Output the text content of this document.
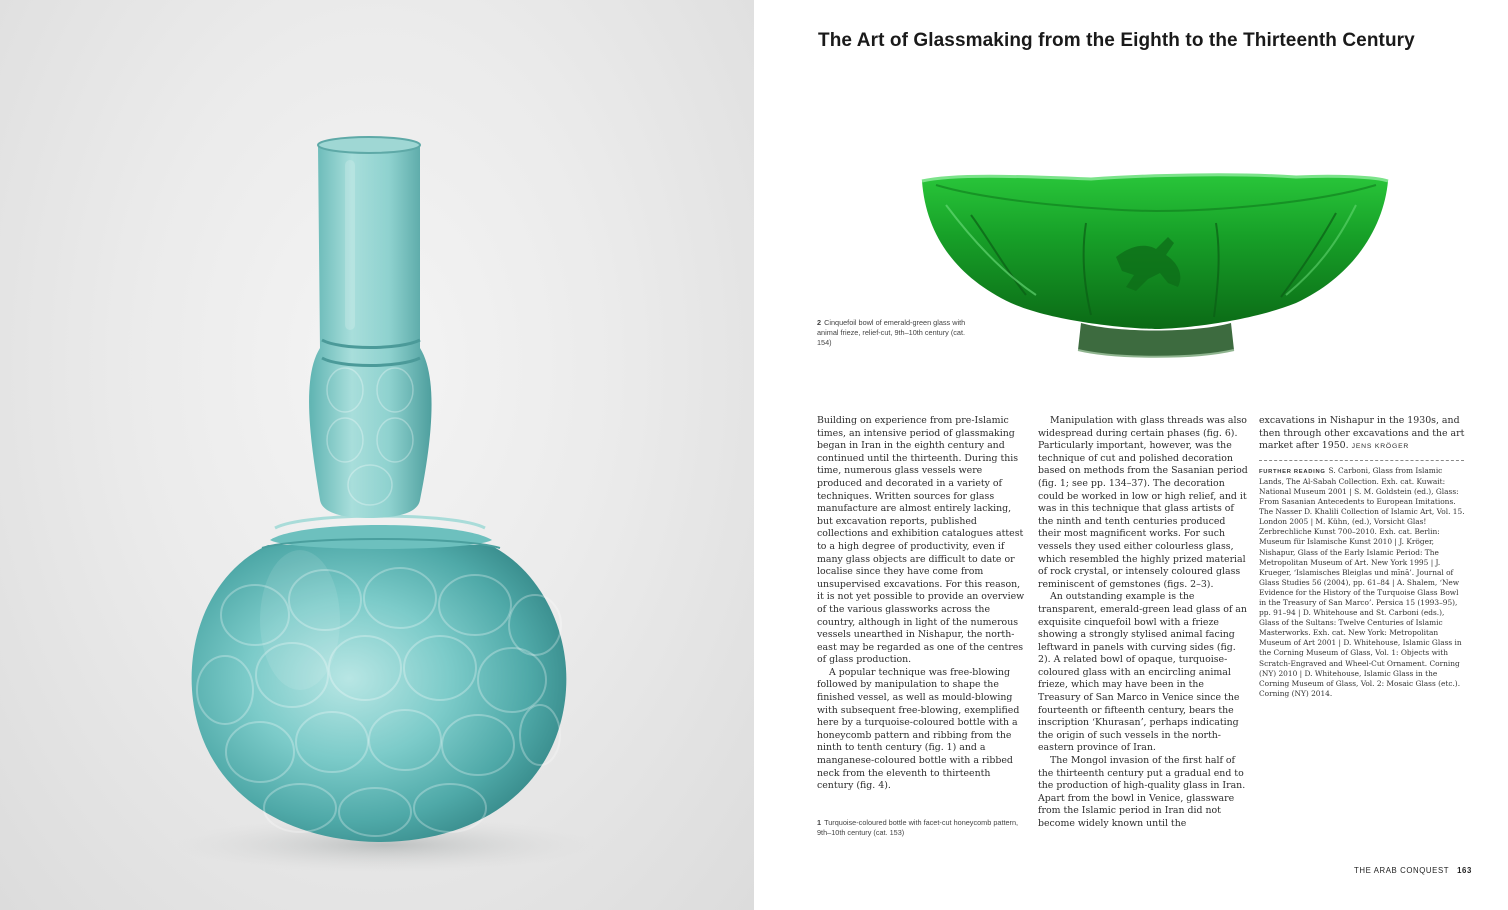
The Art of Glassmaking from the Eighth to the Thirteenth Century
2 Cinquefoil bowl of emerald-green glass with animal frieze, relief-cut, 9th–10th century (cat. 154)

Building on experience from pre-Islamic times, an intensive period of glassmaking began in Iran in the eighth century and continued until the thirteenth. During this time, numerous glass vessels were produced and decorated in a variety of techniques. Written sources for glass manufacture are almost entirely lacking, but excavation reports, published collections and exhibition catalogues attest to a high degree of productivity, even if many glass objects are difficult to date or localise since they have come from unsupervised excavations. For this reason, it is not yet possible to provide an overview of the various glassworks across the country, although in light of the numerous vessels unearthed in Nishapur, the north-east may be regarded as one of the centres of glass production.

A popular technique was free-blowing followed by manipulation to shape the finished vessel, as well as mould-blowing with subsequent free-blowing, exemplified here by a turquoise-coloured bottle with a honeycomb pattern and ribbing from the ninth to tenth century (fig. 1) and a manganese-coloured bottle with a ribbed neck from the eleventh to thirteenth century (fig. 4).

1 Turquoise-coloured bottle with facet-cut honeycomb pattern, 9th–10th century (cat. 153)

Manipulation with glass threads was also widespread during certain phases (fig. 6). Particularly important, however, was the technique of cut and polished decoration based on methods from the Sasanian period (fig. 1; see pp. 134–37). The decoration could be worked in low or high relief, and it was in this technique that glass artists of the ninth and tenth centuries produced their most magnificent works. For such vessels they used either colourless glass, which resembled the highly prized material of rock crystal, or intensely coloured glass reminiscent of gemstones (figs. 2–3).

An outstanding example is the transparent, emerald-green lead glass of an exquisite cinquefoil bowl with a frieze showing a strongly stylised animal facing leftward in panels with curving sides (fig. 2). A related bowl of opaque, turquoise-coloured glass with an encircling animal frieze, which may have been in the Treasury of San Marco in Venice since the fourteenth or fifteenth century, bears the inscription ‘Khurasan’, perhaps indicating the origin of such vessels in the north-eastern province of Iran.

The Mongol invasion of the first half of the thirteenth century put a gradual end to the production of high-quality glass in Iran. Apart from the bowl in Venice, glassware from the Islamic period in Iran did not become widely known until the

excavations in Nishapur in the 1930s, and then through other excavations and the art market after 1950. JENS KRÖGER

FURTHER READING S. Carboni, Glass from Islamic Lands, The Al-Sabah Collection. Exh. cat. Kuwait: National Museum 2001 | S. M. Goldstein (ed.), Glass: From Sasanian Antecedents to European Imitations. The Nasser D. Khalili Collection of Islamic Art, Vol. 15. London 2005 | M. Kühn, (ed.), Vorsicht Glas! Zerbrechliche Kunst 700–2010. Exh. cat. Berlin: Museum für Islamische Kunst 2010 | J. Kröger, Nishapur, Glass of the Early Islamic Period: The Metropolitan Museum of Art. New York 1995 | J. Krueger, ‘Islamisches Bleiglas und mīnā’. Journal of Glass Studies 56 (2004), pp. 61–84 | A. Shalem, ‘New Evidence for the History of the Turquoise Glass Bowl in the Treasury of San Marco’. Persica 15 (1993–95), pp. 91–94 | D. Whitehouse and St. Carboni (eds.), Glass of the Sultans: Twelve Centuries of Islamic Masterworks. Exh. cat. New York: Metropolitan Museum of Art 2001 | D. Whitehouse, Islamic Glass in the Corning Museum of Glass, Vol. 1: Objects with Scratch-Engraved and Wheel-Cut Ornament. Corning (NY) 2010 | D. Whitehouse, Islamic Glass in the Corning Museum of Glass, Vol. 2: Mosaic Glass (etc.). Corning (NY) 2014.

THE ARAB CONQUEST 163
